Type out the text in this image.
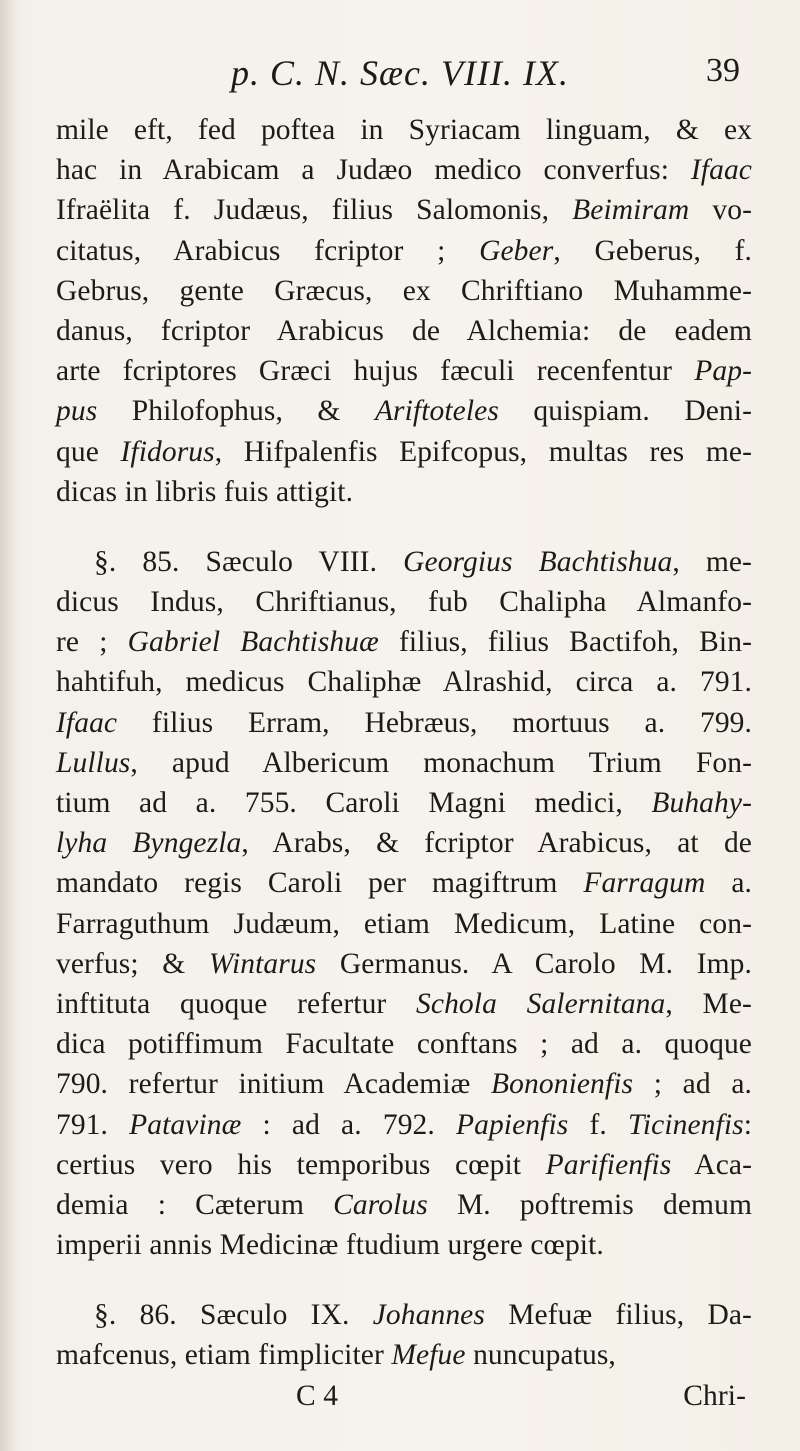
p. C. N. Sæc. VIII. IX.	39

mile eft, fed poftea in Syriacam linguam, & ex
hac in Arabicam a Judæo medico converfus: Ifaac
Ifraëlita f. Judæus, filius Salomonis, Beimiram vo-
citatus, Arabicus fcriptor ; Geber, Geberus, f.
Gebrus, gente Græcus, ex Chriftiano Muhamme-
danus, fcriptor Arabicus de Alchemia: de eadem
arte fcriptores Græci hujus fæculi recenfentur Pap-
pus Philofophus, & Ariftoteles quispiam. Deni-
que Ifidorus, Hifpalenfis Epifcopus, multas res me-
dicas in libris fuis attigit.

§. 85. Sæculo VIII. Georgius Bachtishua, me-
dicus Indus, Chriftianus, fub Chalipha Almanfo-
re ; Gabriel Bachtishuæ filius, filius Bactifoh, Bin-
hahtifuh, medicus Chaliphæ Alrashid, circa a. 791.
Ifaac filius Erram, Hebræus, mortuus a. 799.
Lullus, apud Albericum monachum Trium Fon-
tium ad a. 755. Caroli Magni medici, Buhahy-
lyha Byngezla, Arabs, & fcriptor Arabicus, at de
mandato regis Caroli per magiftrum Farragum a.
Farraguthum Judæum, etiam Medicum, Latine con-
verfus; & Wintarus Germanus. A Carolo M. Imp.
inftituta quoque refertur Schola Salernitana, Me-
dica potiffimum Facultate conftans ; ad a. quoque
790. refertur initium Academiæ Bononienfis ; ad a.
791. Patavinæ : ad a. 792. Papienfis f. Ticinenfis:
certius vero his temporibus cœpit Parifienfis Aca-
demia : Cæterum Carolus M. poftremis demum
imperii annis Medicinæ ftudium urgere cœpit.

§. 86. Sæculo IX. Johannes Mefuæ filius, Da-
mafcenus, etiam fimpliciter Mefue nuncupatus,

C 4	Chri-
